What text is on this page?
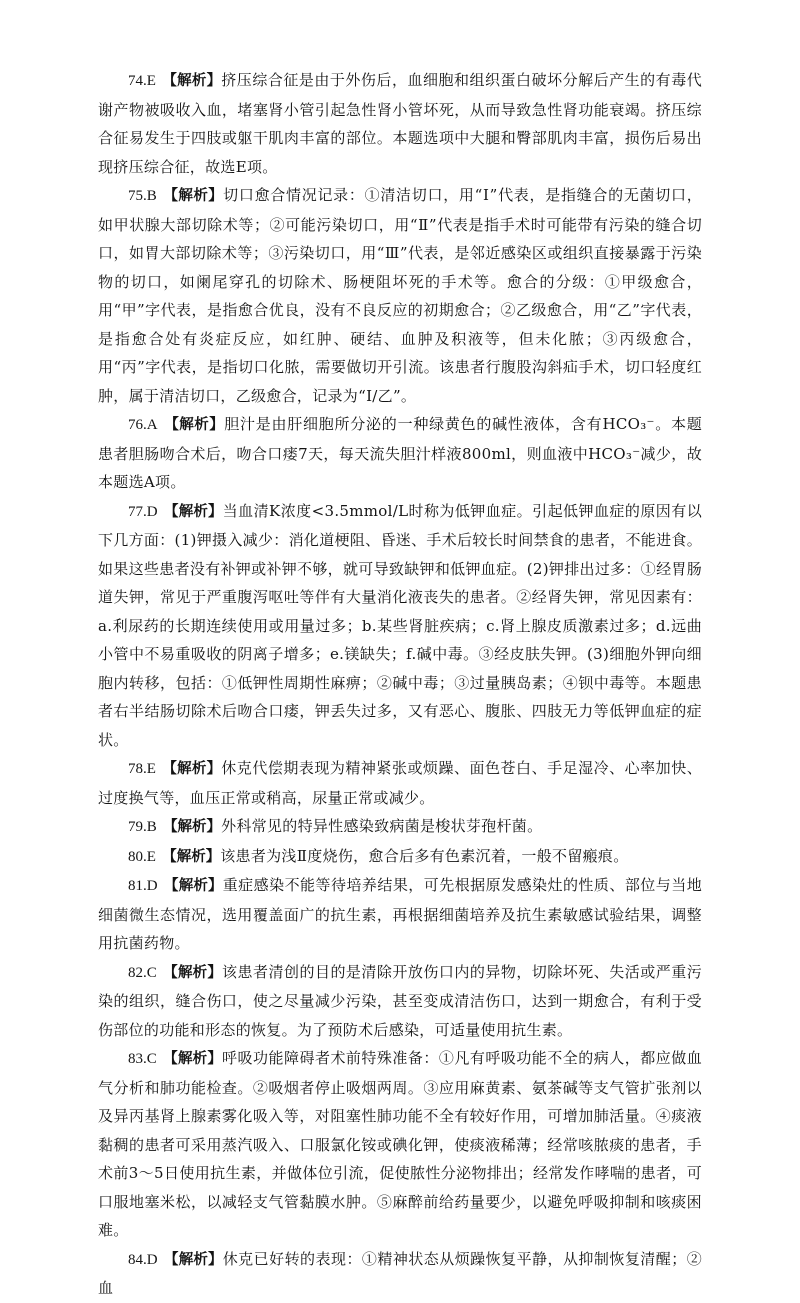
74.E 【解析】挤压综合征是由于外伤后，血细胞和组织蛋白破坏分解后产生的有毒代谢产物被吸收入血，堵塞肾小管引起急性肾小管坏死，从而导致急性肾功能衰竭。挤压综合征易发生于四肢或躯干肌肉丰富的部位。本题选项中大腿和臀部肌肉丰富，损伤后易出现挤压综合征，故选E项。

75.B 【解析】切口愈合情况记录：①清洁切口，用“Ⅰ”代表，是指缝合的无菌切口，如甲状腺大部切除术等；②可能污染切口，用“Ⅱ”代表是指手术时可能带有污染的缝合切口，如胃大部切除术等；③污染切口，用“Ⅲ”代表，是邻近感染区或组织直接暴露于污染物的切口，如阑尾穿孔的切除术、肠梗阻坏死的手术等。愈合的分级：①甲级愈合，用“甲”字代表，是指愈合优良，没有不良反应的初期愈合；②乙级愈合，用“乙”字代表，是指愈合处有炎症反应，如红肿、硬结、血肿及积液等，但未化脓；③丙级愈合，用“丙”字代表，是指切口化脓，需要做切开引流。该患者行腹股沟斜疝手术，切口轻度红肿，属于清洁切口，乙级愈合，记录为“Ⅰ/乙”。

76.A 【解析】胆汁是由肝细胞所分泌的一种绿黄色的碱性液体，含有HCO₃⁻。本题患者胆肠吻合术后，吻合口瘘7天，每天流失胆汁样液800ml，则血液中HCO₃⁻减少，故本题选A项。

77.D 【解析】当血清K浓度<3.5mmol/L时称为低钾血症。引起低钾血症的原因有以下几方面：(1)钾摄入减少：消化道梗阻、昏迷、手术后较长时间禁食的患者，不能进食。如果这些患者没有补钾或补钾不够，就可导致缺钾和低钾血症。(2)钾排出过多：①经胃肠道失钾，常见于严重腹泻呕吐等伴有大量消化液丧失的患者。②经肾失钾，常见因素有：a.利尿药的长期连续使用或用量过多；b.某些肾脏疾病；c.肾上腺皮质激素过多；d.远曲小管中不易重吸收的阴离子增多；e.镁缺失；f.碱中毒。③经皮肤失钾。(3)细胞外钾向细胞内转移，包括：①低钾性周期性麻痹；②碱中毒；③过量胰岛素；④钡中毒等。本题患者右半结肠切除术后吻合口瘘，钾丢失过多，又有恶心、腹胀、四肢无力等低钾血症的症状。

78.E 【解析】休克代偿期表现为精神紧张或烦躁、面色苍白、手足湿冷、心率加快、过度换气等，血压正常或稍高，尿量正常或减少。

79.B 【解析】外科常见的特异性感染致病菌是梭状芽孢杆菌。

80.E 【解析】该患者为浅Ⅱ度烧伤，愈合后多有色素沉着，一般不留瘢痕。

81.D 【解析】重症感染不能等待培养结果，可先根据原发感染灶的性质、部位与当地细菌微生态情况，选用覆盖面广的抗生素，再根据细菌培养及抗生素敏感试验结果，调整用抗菌药物。

82.C 【解析】该患者清创的目的是清除开放伤口内的异物，切除坏死、失活或严重污染的组织，缝合伤口，使之尽量减少污染，甚至变成清洁伤口，达到一期愈合，有利于受伤部位的功能和形态的恢复。为了预防术后感染，可适量使用抗生素。

83.C 【解析】呼吸功能障碍者术前特殊准备：①凡有呼吸功能不全的病人，都应做血气分析和肺功能检查。②吸烟者停止吸烟两周。③应用麻黄素、氨茶碱等支气管扩张剂以及异丙基肾上腺素雾化吸入等，对阻塞性肺功能不全有较好作用，可增加肺活量。④痰液黏稠的患者可采用蒸汽吸入、口服氯化铵或碘化钾，使痰液稀薄；经常咳脓痰的患者，手术前3～5日使用抗生素，并做体位引流，促使脓性分泌物排出；经常发作哮喘的患者，可口服地塞米松，以减轻支气管黏膜水肿。⑤麻醉前给药量要少，以避免呼吸抑制和咳痰困难。

84.D 【解析】休克已好转的表现：①精神状态从烦躁恢复平静，从抑制恢复清醒；②血
